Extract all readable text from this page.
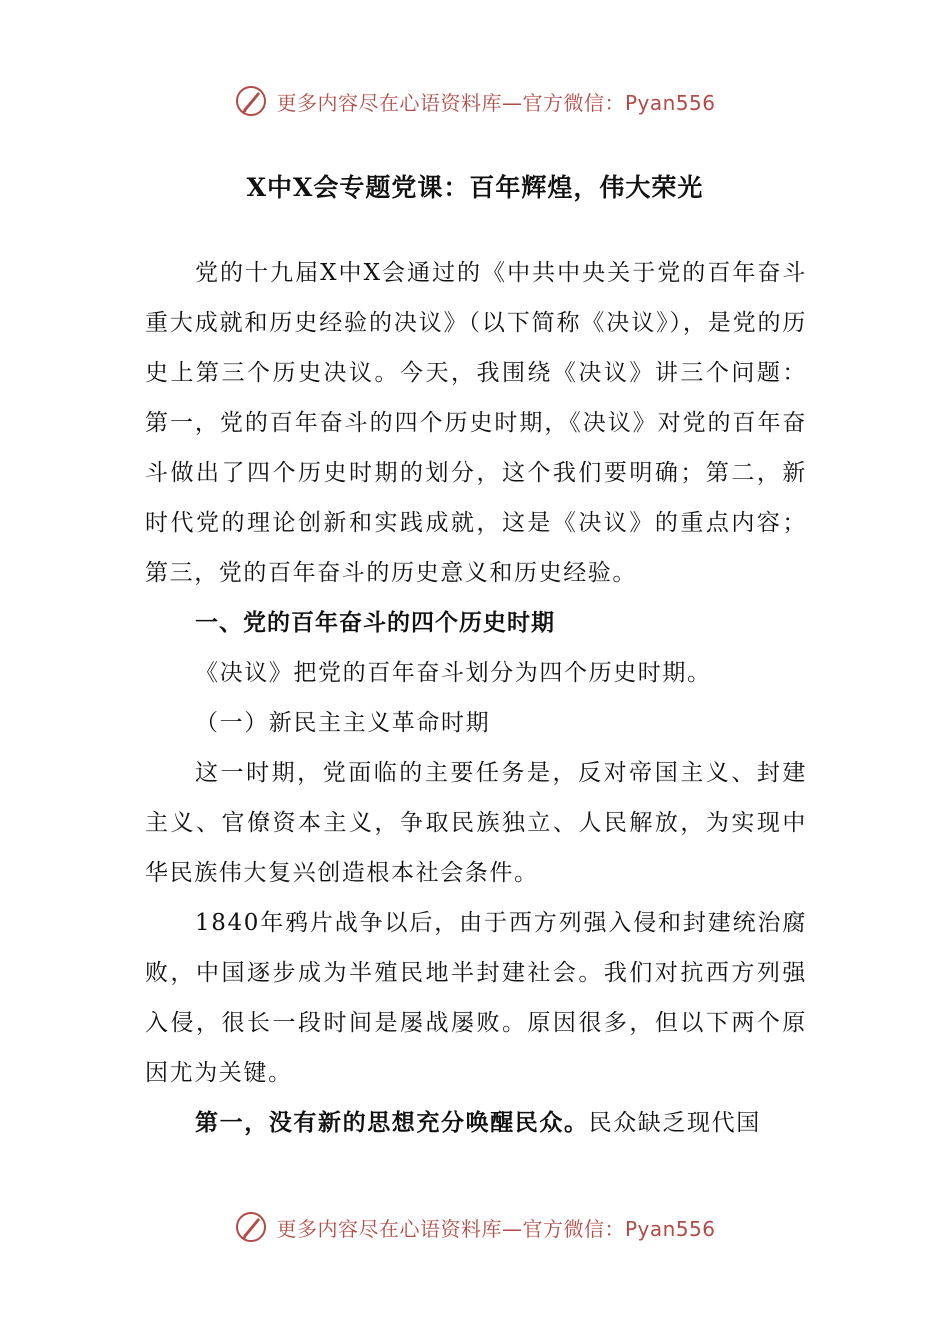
更多内容尽在心语资料库—官方微信：Pyan556
X中X会专题党课：百年辉煌，伟大荣光

党的十九届X中X会通过的《中共中央关于党的百年奋斗重大成就和历史经验的决议》（以下简称《决议》），是党的历史上第三个历史决议。今天，我围绕《决议》讲三个问题：第一，党的百年奋斗的四个历史时期，《决议》对党的百年奋斗做出了四个历史时期的划分，这个我们要明确；第二，新时代党的理论创新和实践成就，这是《决议》的重点内容；第三，党的百年奋斗的历史意义和历史经验。

一、党的百年奋斗的四个历史时期

《决议》把党的百年奋斗划分为四个历史时期。

（一）新民主主义革命时期

这一时期，党面临的主要任务是，反对帝国主义、封建主义、官僚资本主义，争取民族独立、人民解放，为实现中华民族伟大复兴创造根本社会条件。

1840年鸦片战争以后，由于西方列强入侵和封建统治腐败，中国逐步成为半殖民地半封建社会。我们对抗西方列强入侵，很长一段时间是屡战屡败。原因很多，但以下两个原因尤为关键。

第一，没有新的思想充分唤醒民众。民众缺乏现代国

更多内容尽在心语资料库—官方微信：Pyan556
